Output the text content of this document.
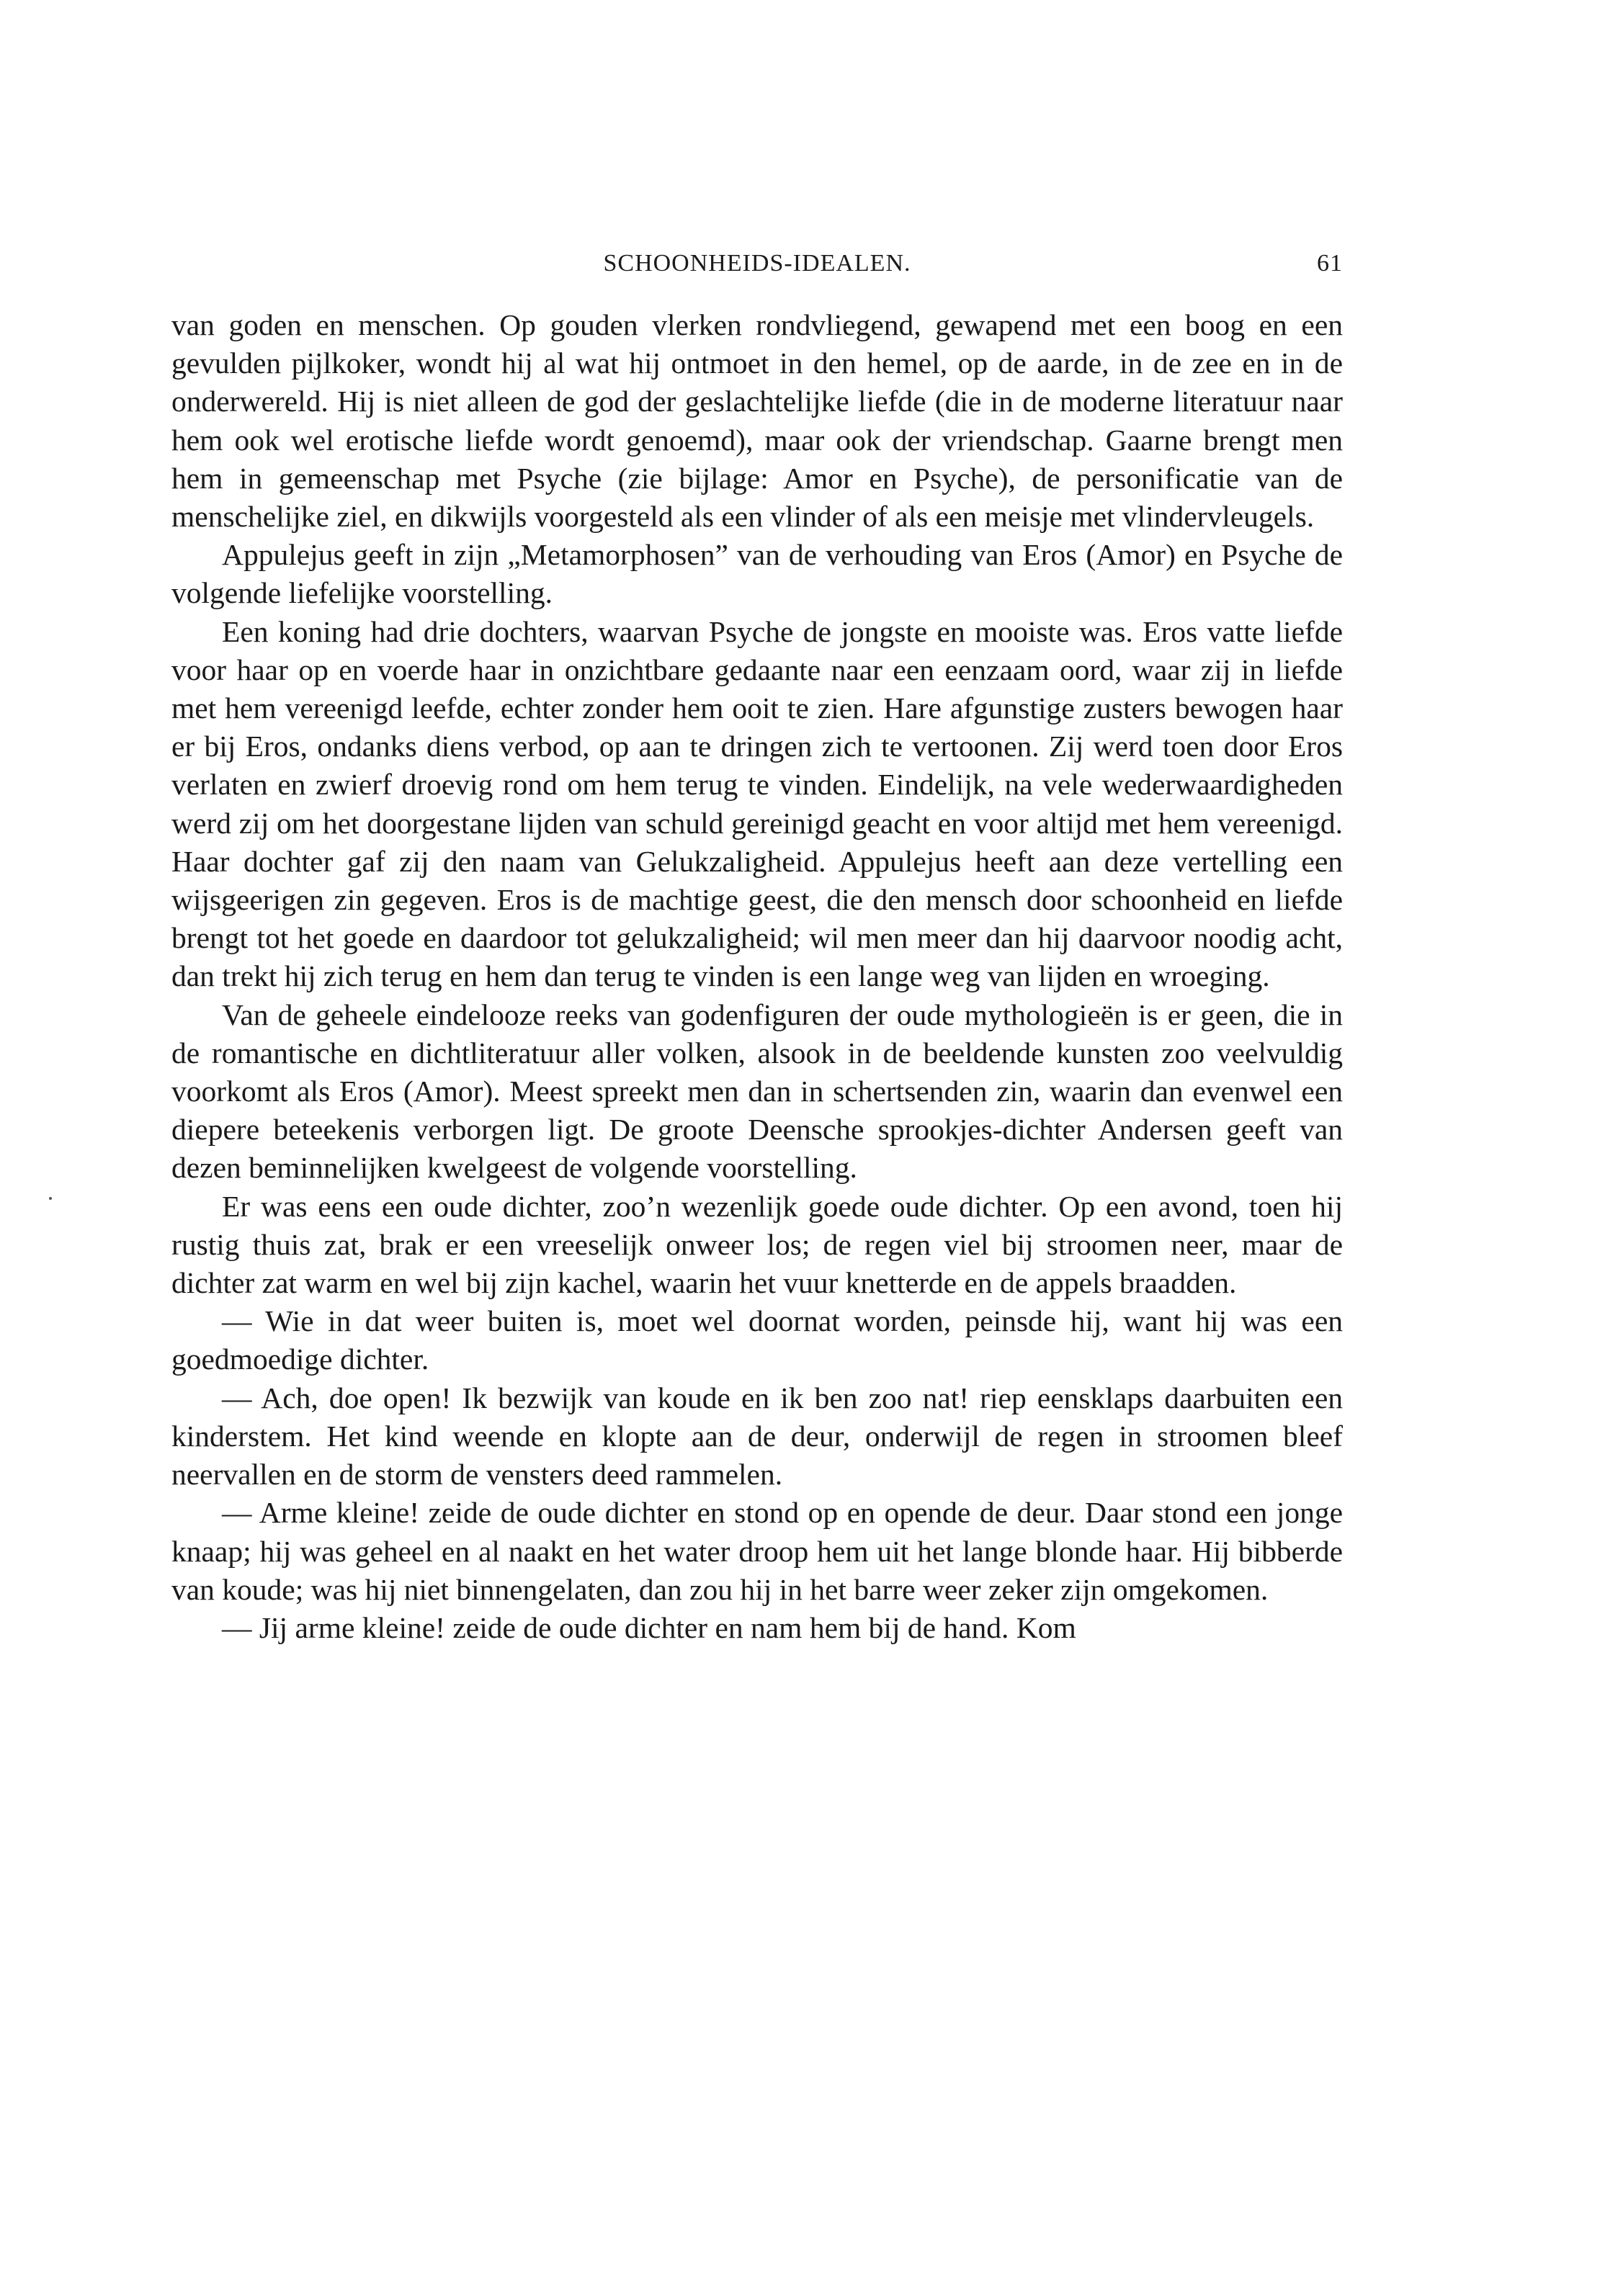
SCHOONHEIDS-IDEALEN.	61

van goden en menschen. Op gouden vlerken rondvliegend, gewapend met een boog en een gevulden pijlkoker, wondt hij al wat hij ontmoet in den hemel, op de aarde, in de zee en in de onderwereld. Hij is niet alleen de god der geslachtelijke liefde (die in de moderne literatuur naar hem ook wel erotische liefde wordt genoemd), maar ook der vriendschap. Gaarne brengt men hem in gemeenschap met Psyche (zie bijlage: Amor en Psyche), de personificatie van de menschelijke ziel, en dikwijls voorgesteld als een vlinder of als een meisje met vlindervleugels.

Appulejus geeft in zijn „Metamorphosen” van de verhouding van Eros (Amor) en Psyche de volgende liefelijke voorstelling.

Een koning had drie dochters, waarvan Psyche de jongste en mooiste was. Eros vatte liefde voor haar op en voerde haar in onzichtbare gedaante naar een eenzaam oord, waar zij in liefde met hem vereenigd leefde, echter zonder hem ooit te zien. Hare afgunstige zusters bewogen haar er bij Eros, ondanks diens verbod, op aan te dringen zich te vertoonen. Zij werd toen door Eros verlaten en zwierf droevig rond om hem terug te vinden. Eindelijk, na vele wederwaardigheden werd zij om het doorgestane lijden van schuld gereinigd geacht en voor altijd met hem vereenigd. Haar dochter gaf zij den naam van Gelukzaligheid. Appulejus heeft aan deze vertelling een wijsgeerigen zin gegeven. Eros is de machtige geest, die den mensch door schoonheid en liefde brengt tot het goede en daardoor tot gelukzaligheid; wil men meer dan hij daarvoor noodig acht, dan trekt hij zich terug en hem dan terug te vinden is een lange weg van lijden en wroeging.

Van de geheele eindelooze reeks van godenfiguren der oude mythologieën is er geen, die in de romantische en dichtliteratuur aller volken, alsook in de beeldende kunsten zoo veelvuldig voorkomt als Eros (Amor). Meest spreekt men dan in schertsenden zin, waarin dan evenwel een diepere beteekenis verborgen ligt. De groote Deensche sprookjes-dichter Andersen geeft van dezen beminnelijken kwelgeest de volgende voorstelling.

Er was eens een oude dichter, zoo’n wezenlijk goede oude dichter. Op een avond, toen hij rustig thuis zat, brak er een vreeselijk onweer los; de regen viel bij stroomen neer, maar de dichter zat warm en wel bij zijn kachel, waarin het vuur knetterde en de appels braadden.

— Wie in dat weer buiten is, moet wel doornat worden, peinsde hij, want hij was een goedmoedige dichter.

— Ach, doe open! Ik bezwijk van koude en ik ben zoo nat! riep eensklaps daarbuiten een kinderstem. Het kind weende en klopte aan de deur, onderwijl de regen in stroomen bleef neervallen en de storm de vensters deed rammelen.

— Arme kleine! zeide de oude dichter en stond op en opende de deur. Daar stond een jonge knaap; hij was geheel en al naakt en het water droop hem uit het lange blonde haar. Hij bibberde van koude; was hij niet binnengelaten, dan zou hij in het barre weer zeker zijn omgekomen.

— Jij arme kleine! zeide de oude dichter en nam hem bij de hand. Kom
